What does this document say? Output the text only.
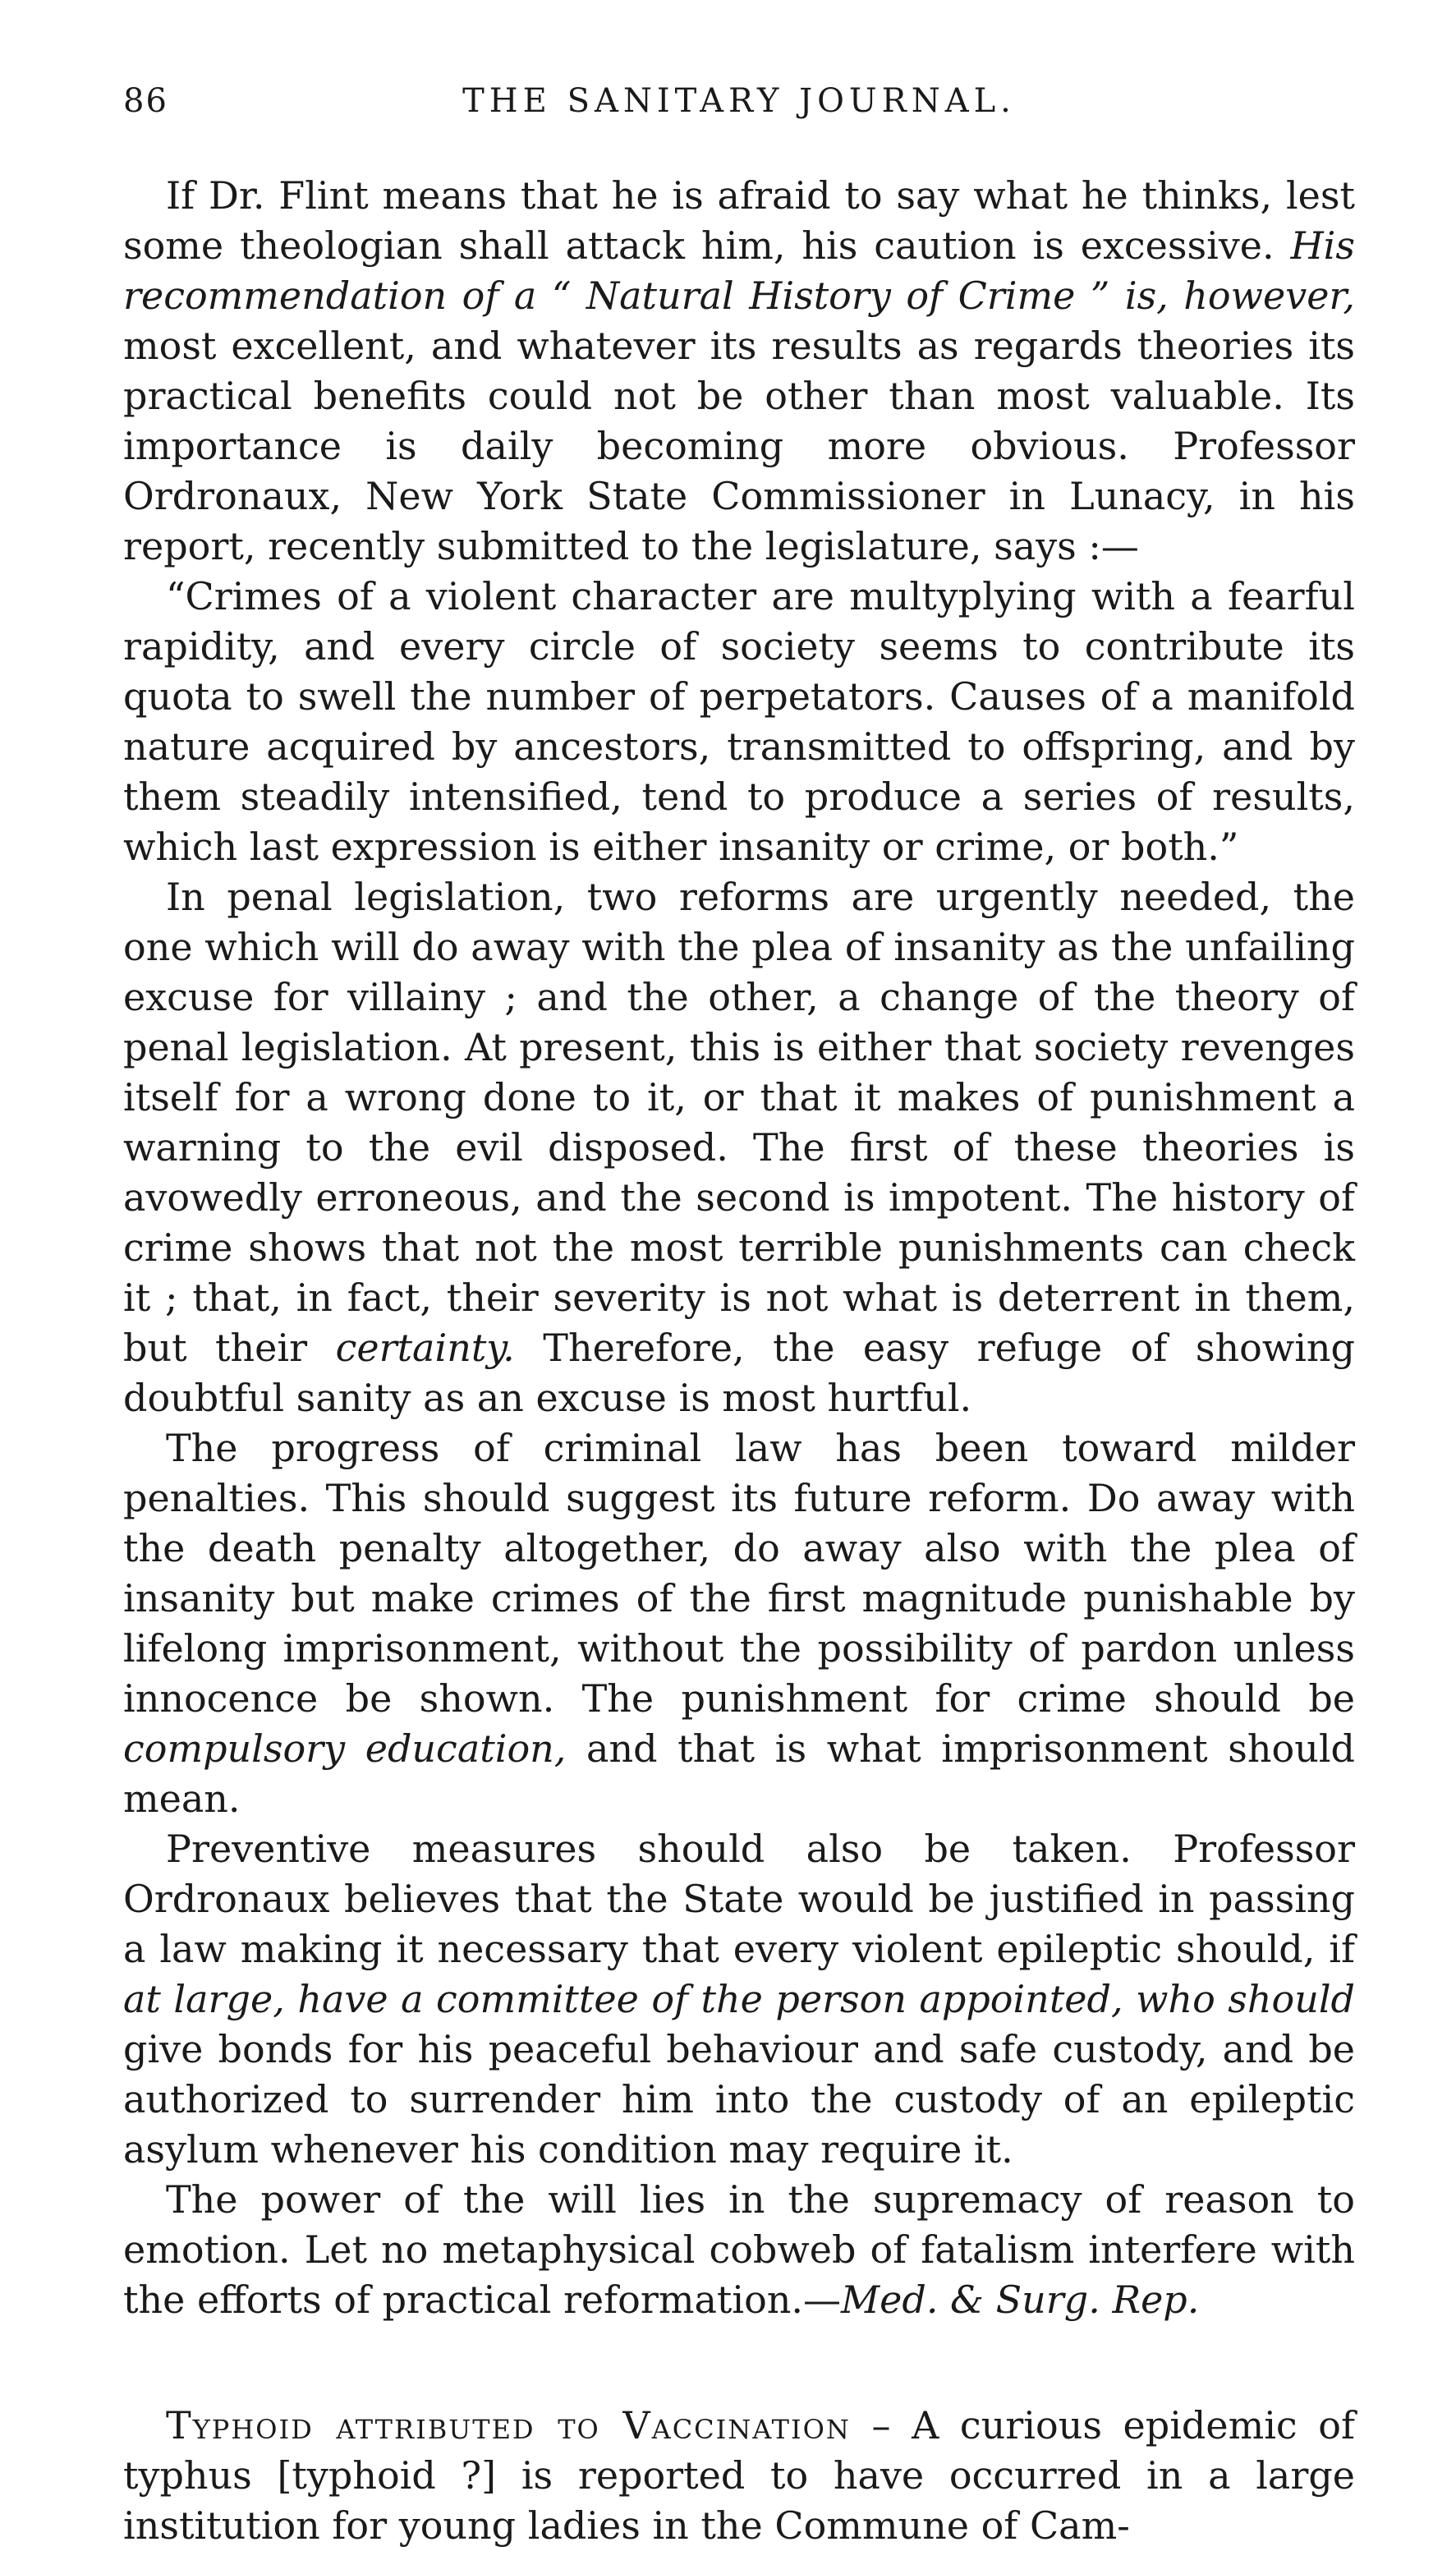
86	THE SANITARY JOURNAL.

If Dr. Flint means that he is afraid to say what he thinks, lest some theologian shall attack him, his caution is excessive. His recommendation of a “ Natural History of Crime ” is, however, most excellent, and whatever its results as regards theories its practical benefits could not be other than most valuable. Its importance is daily becoming more obvious. Professor Ordronaux, New York State Commissioner in Lunacy, in his report, recently submitted to the legislature, says :—

“Crimes of a violent character are multyplying with a fearful rapidity, and every circle of society seems to contribute its quota to swell the number of perpetators. Causes of a manifold nature acquired by ancestors, transmitted to offspring, and by them steadily intensified, tend to produce a series of results, which last expression is either insanity or crime, or both.”

In penal legislation, two reforms are urgently needed, the one which will do away with the plea of insanity as the unfailing excuse for villainy ; and the other, a change of the theory of penal legislation. At present, this is either that society revenges itself for a wrong done to it, or that it makes of punishment a warning to the evil disposed. The first of these theories is avowedly erroneous, and the second is impotent. The history of crime shows that not the most terrible punishments can check it ; that, in fact, their severity is not what is deterrent in them, but their certainty. Therefore, the easy refuge of showing doubtful sanity as an excuse is most hurtful.

The progress of criminal law has been toward milder penalties. This should suggest its future reform. Do away with the death penalty altogether, do away also with the plea of insanity but make crimes of the first magnitude punishable by lifelong imprisonment, without the possibility of pardon unless innocence be shown. The punishment for crime should be compulsory education, and that is what imprisonment should mean.

Preventive measures should also be taken. Professor Ordronaux believes that the State would be justified in passing a law making it necessary that every violent epileptic should, if at large, have a committee of the person appointed, who should give bonds for his peaceful behaviour and safe custody, and be authorized to surrender him into the custody of an epileptic asylum whenever his condition may require it.

The power of the will lies in the supremacy of reason to emotion. Let no metaphysical cobweb of fatalism interfere with the efforts of practical reformation.—Med. & Surg. Rep.

Typhoid attributed to Vaccination – A curious epidemic of typhus [typhoid ?] is reported to have occurred in a large institution for young ladies in the Commune of Cam-
